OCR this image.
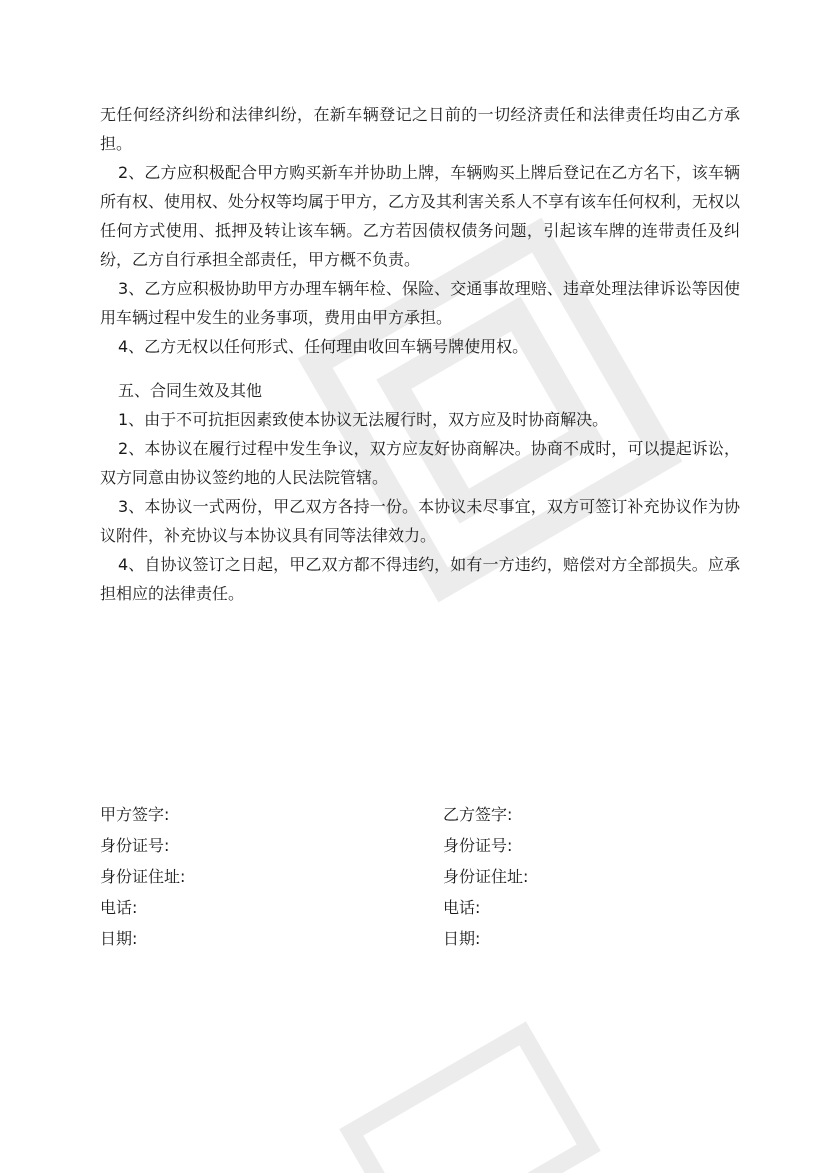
无任何经济纠纷和法律纠纷，在新车辆登记之日前的一切经济责任和法律责任均由乙方承担。

2、乙方应积极配合甲方购买新车并协助上牌，车辆购买上牌后登记在乙方名下，该车辆所有权、使用权、处分权等均属于甲方，乙方及其利害关系人不享有该车任何权利，无权以任何方式使用、抵押及转让该车辆。乙方若因债权债务问题，引起该车牌的连带责任及纠纷，乙方自行承担全部责任，甲方概不负责。

3、乙方应积极协助甲方办理车辆年检、保险、交通事故理赔、违章处理法律诉讼等因使用车辆过程中发生的业务事项，费用由甲方承担。

4、乙方无权以任何形式、任何理由收回车辆号牌使用权。

五、合同生效及其他

1、由于不可抗拒因素致使本协议无法履行时，双方应及时协商解决。

2、本协议在履行过程中发生争议，双方应友好协商解决。协商不成时，可以提起诉讼，双方同意由协议签约地的人民法院管辖。

3、本协议一式两份，甲乙双方各持一份。本协议未尽事宜，双方可签订补充协议作为协议附件，补充协议与本协议具有同等法律效力。

4、自协议签订之日起，甲乙双方都不得违约，如有一方违约，赔偿对方全部损失。应承担相应的法律责任。

甲方签字:	乙方签字:
身份证号:	身份证号:
身份证住址:	身份证住址:
电话:	电话:
日期:	日期:
